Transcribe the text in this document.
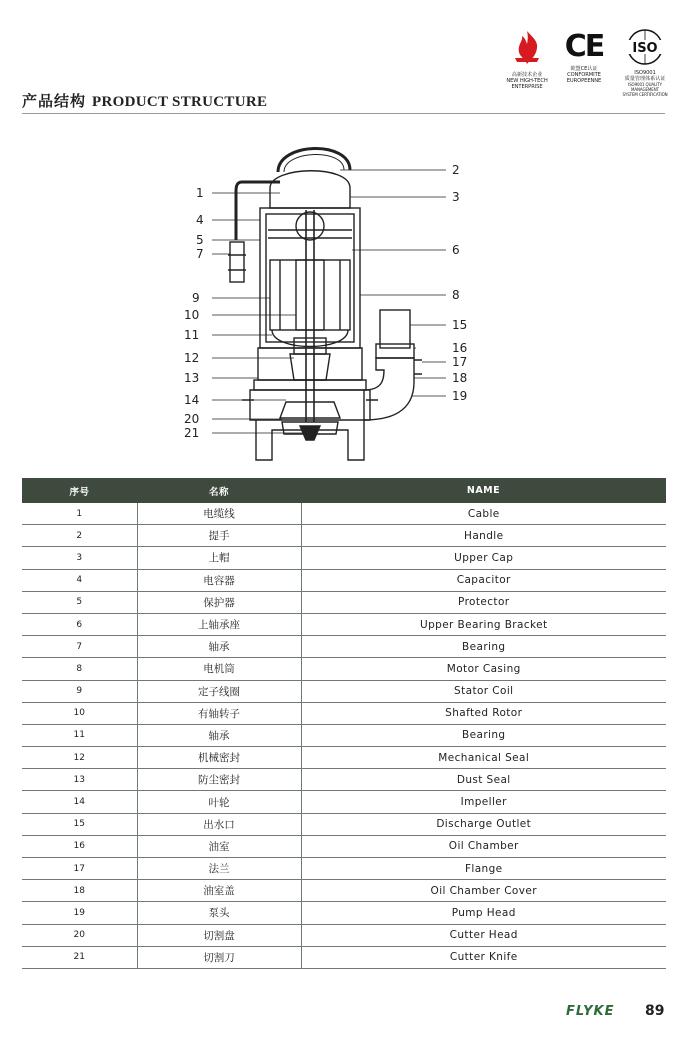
高新技术企业
NEW HIGH-TECH
ENTERPRISE
CE
欧盟CE认证
CONFORMITE
EUROPEENNE
ISO
ISO9001
质量管理体系认证
ISO9001 QUALITY MANAGEMENT
SYSTEM CERTIFICATION
产品结构 PRODUCT STRUCTURE
1
2
3
4
5
6
7
8
9
10
11
12
15
16
17
13	18
14	19
20
21
序号	名称	NAME
1	电缆线	Cable
2	提手	Handle
3	上帽	Upper Cap
4	电容器	Capacitor
5	保护器	Protector
6	上轴承座	Upper Bearing Bracket
7	轴承	Bearing
8	电机筒	Motor Casing
9	定子线圈	Stator Coil
10	有轴转子	Shafted Rotor
11	轴承	Bearing
12	机械密封	Mechanical Seal
13	防尘密封	Dust Seal
14	叶轮	Impeller
15	出水口	Discharge Outlet
16	油室	Oil Chamber
17	法兰	Flange
18	油室盖	Oil Chamber Cover
19	泵头	Pump Head
20	切割盘	Cutter Head
21	切割刀	Cutter Knife
FLYKE 89
